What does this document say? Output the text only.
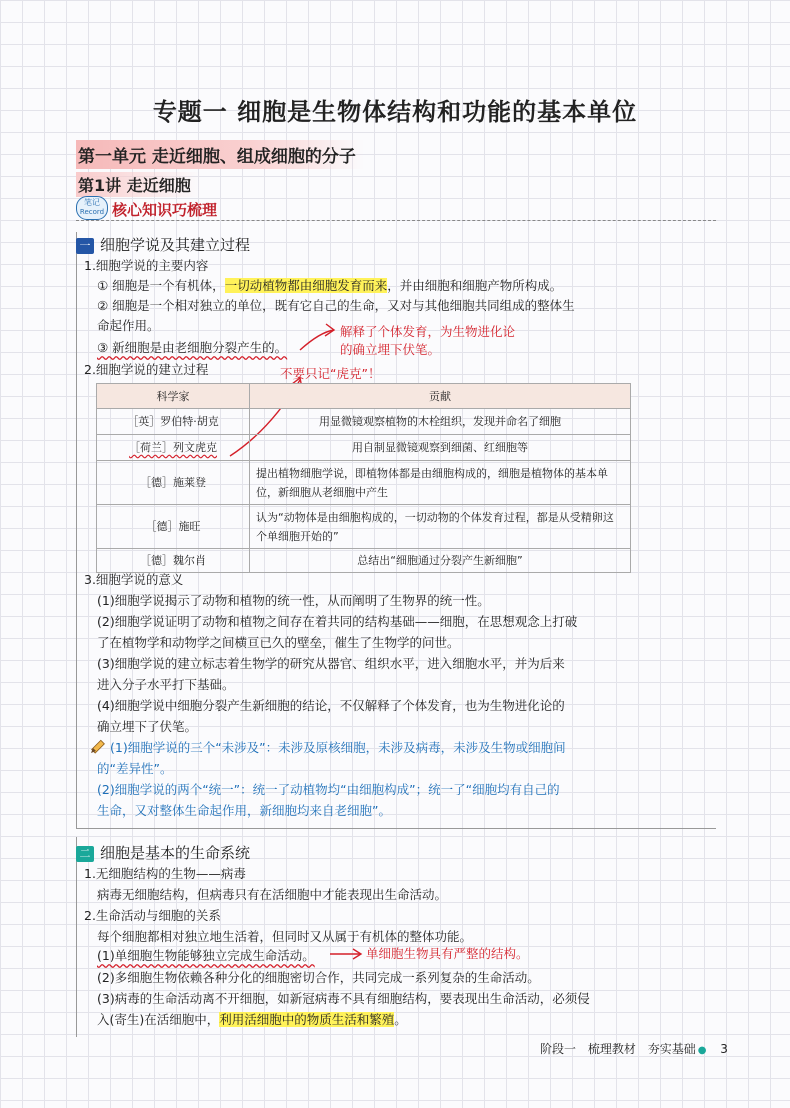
专题一 细胞是生物体结构和功能的基本单位
第一单元 走近细胞、组成细胞的分子
第1讲 走近细胞
笔记
Record 核心知识巧梳理
一 细胞学说及其建立过程
1.细胞学说的主要内容
① 细胞是一个有机体，一切动植物都由细胞发育而来，并由细胞和细胞产物所构成。
② 细胞是一个相对独立的单位，既有它自己的生命，又对与其他细胞共同组成的整体生
命起作用。
③ 新细胞是由老细胞分裂产生的。
解释了个体发育，为生物进化论
的确立埋下伏笔。
2.细胞学说的建立过程	不要只记“虎克”！
科学家	贡献
［英］罗伯特·胡克	用显微镜观察植物的木栓组织，发现并命名了细胞
［荷兰］列文虎克	用自制显微镜观察到细菌、红细胞等
［德］施莱登	提出植物细胞学说，即植物体都是由细胞构成的，细胞是植物体的基本单位，新细胞从老细胞中产生
［德］施旺	认为“动物体是由细胞构成的，一切动物的个体发育过程，都是从受精卵这个单细胞开始的”
［德］魏尔肖	总结出“细胞通过分裂产生新细胞”
3.细胞学说的意义
(1)细胞学说揭示了动物和植物的统一性，从而阐明了生物界的统一性。
(2)细胞学说证明了动物和植物之间存在着共同的结构基础——细胞，在思想观念上打破
了在植物学和动物学之间横亘已久的壁垒，催生了生物学的问世。
(3)细胞学说的建立标志着生物学的研究从器官、组织水平，进入细胞水平，并为后来
进入分子水平打下基础。
(4)细胞学说中细胞分裂产生新细胞的结论，不仅解释了个体发育，也为生物进化论的
确立埋下了伏笔。
(1)细胞学说的三个“未涉及”：未涉及原核细胞，未涉及病毒，未涉及生物或细胞间
的“差异性”。
(2)细胞学说的两个“统一”：统一了动植物均“由细胞构成”；统一了“细胞均有自己的
生命，又对整体生命起作用，新细胞均来自老细胞”。
二 细胞是基本的生命系统
1.无细胞结构的生物——病毒
病毒无细胞结构，但病毒只有在活细胞中才能表现出生命活动。
2.生命活动与细胞的关系
每个细胞都相对独立地生活着，但同时又从属于有机体的整体功能。
(1)单细胞生物能够独立完成生命活动。	单细胞生物具有严整的结构。
(2)多细胞生物依赖各种分化的细胞密切合作，共同完成一系列复杂的生命活动。
(3)病毒的生命活动离不开细胞，如新冠病毒不具有细胞结构，要表现出生命活动，必须侵
入(寄生)在活细胞中，利用活细胞中的物质生活和繁殖。
阶段一 梳理教材 夯实基础 ● 3
